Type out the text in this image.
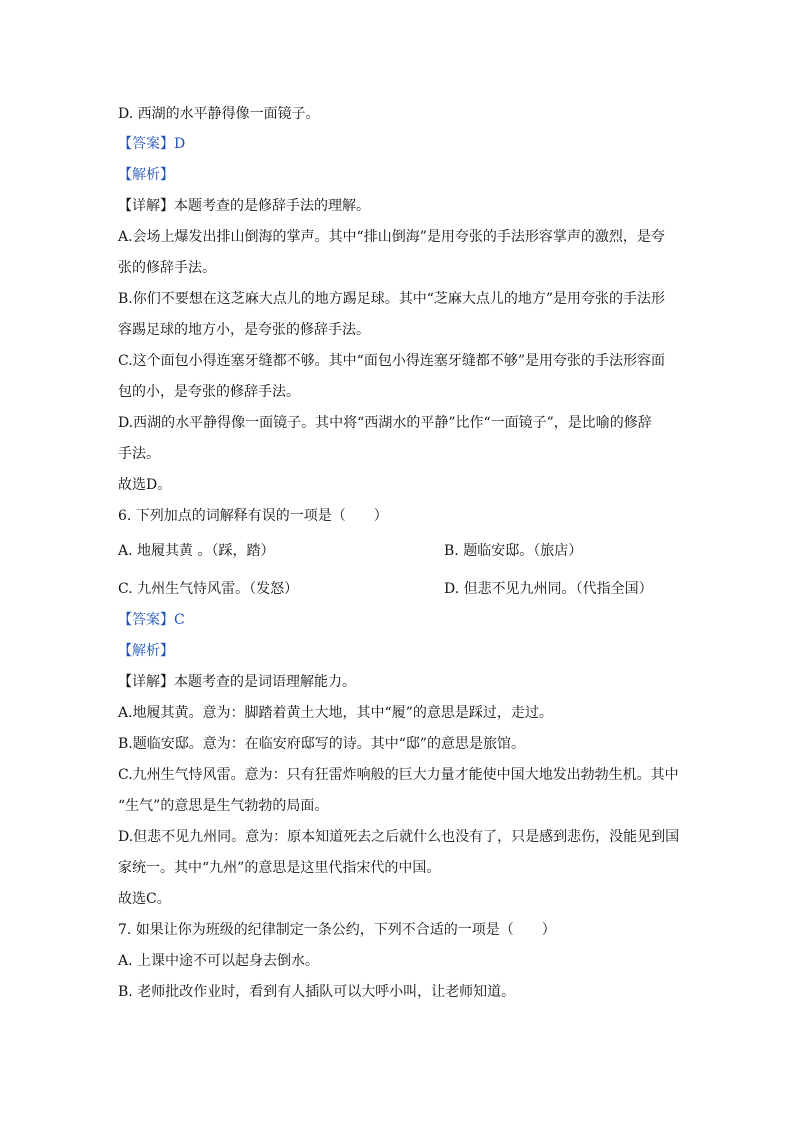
D. 西湖的水平静得像一面镜子。
【答案】D
【解析】
【详解】本题考查的是修辞手法的理解。
A.会场上爆发出排山倒海的掌声。其中“排山倒海”是用夸张的手法形容掌声的激烈，是夸
张的修辞手法。
B.你们不要想在这芝麻大点儿的地方踢足球。其中“芝麻大点儿的地方”是用夸张的手法形
容踢足球的地方小，是夸张的修辞手法。
C.这个面包小得连塞牙缝都不够。其中“面包小得连塞牙缝都不够”是用夸张的手法形容面
包的小，是夸张的修辞手法。
D.西湖的水平静得像一面镜子。其中将“西湖水的平静”比作“一面镜子”，是比喻的修辞
手法。
故选D。
6. 下列加点的词解释有误的一项是（　　）
A. 地履其黄 。（踩，踏）	B. 题临安邸。（旅店）
C. 九州生气恃风雷。（发怒）	D. 但悲不见九州同。（代指全国）
【答案】C
【解析】
【详解】本题考查的是词语理解能力。
A.地履其黄。意为：脚踏着黄土大地，其中“履”的意思是踩过，走过。
B.题临安邸。意为：在临安府邸写的诗。其中“邸”的意思是旅馆。
C.九州生气恃风雷。意为：只有狂雷炸响般的巨大力量才能使中国大地发出勃勃生机。其中
“生气”的意思是生气勃勃的局面。
D.但悲不见九州同。意为：原本知道死去之后就什么也没有了，只是感到悲伤，没能见到国
家统一。其中“九州”的意思是这里代指宋代的中国。
故选C。
7. 如果让你为班级的纪律制定一条公约，下列不合适的一项是（　　）
A. 上课中途不可以起身去倒水。
B. 老师批改作业时，看到有人插队可以大呼小叫，让老师知道。
